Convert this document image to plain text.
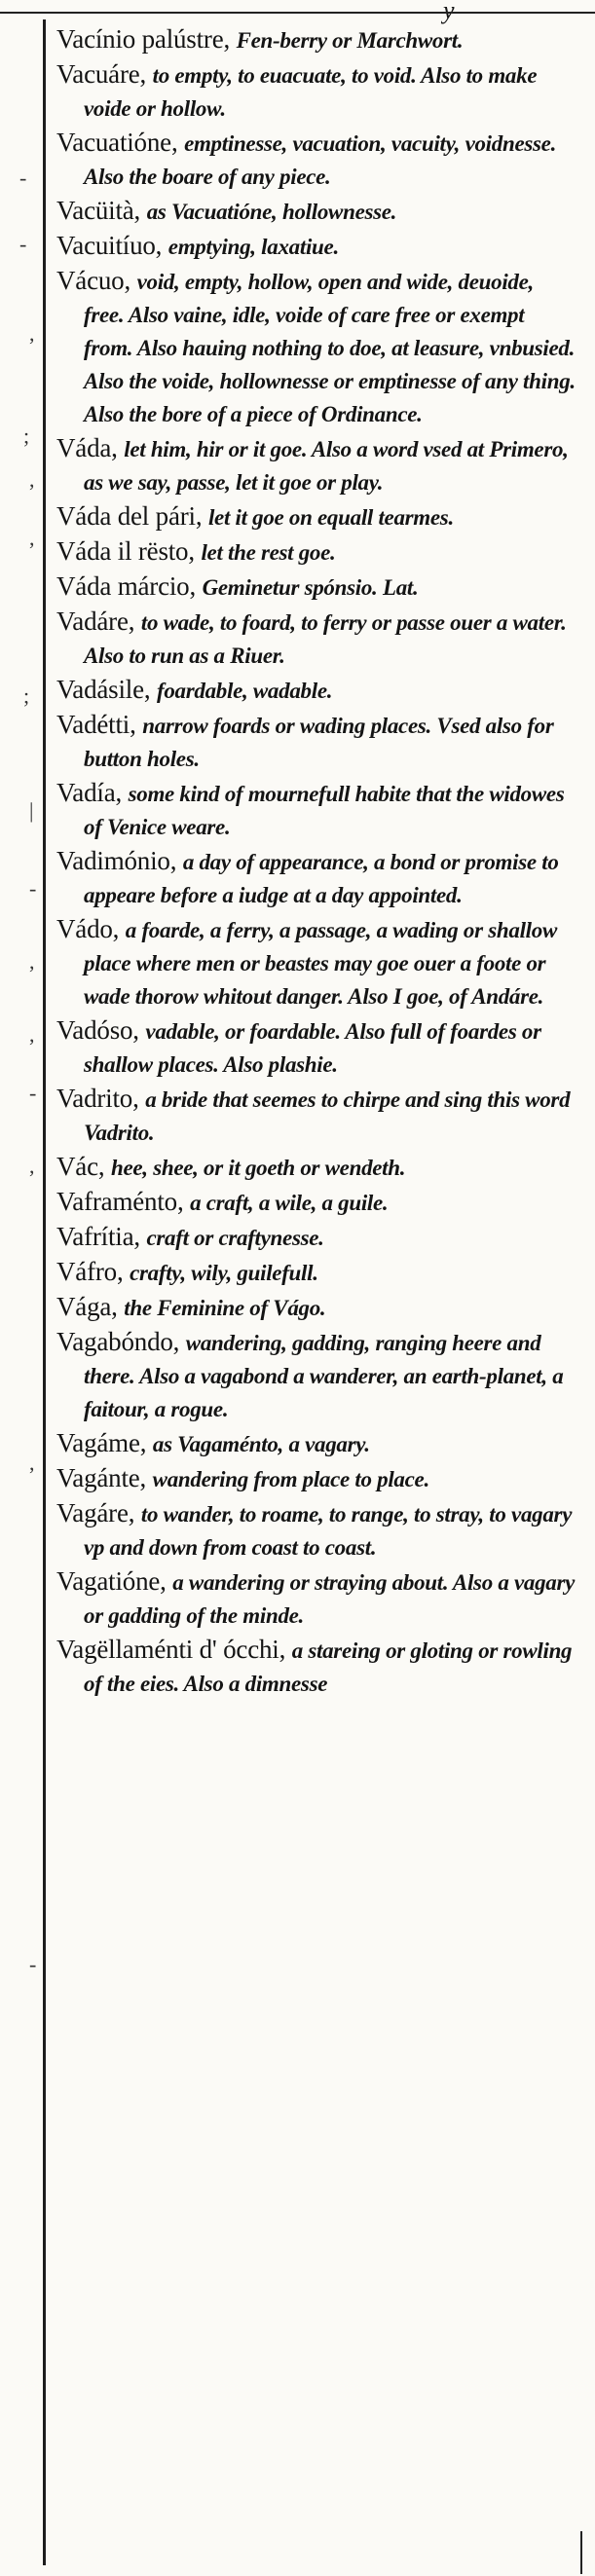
-
-
,
;
,
,
;
|
-
,
,
-
,
,
-

Vacínio palústre, Fen-berry or Marchwort.

Vacuáre, to empty, to euacuate, to void. Also to make voide or hollow.

Vacuatióne, emptinesse, vacuation, vacuity, voidnesse. Also the boare of any piece.

Vacüità, as Vacuatióne, hollownesse.

Vacuitíuo, emptying, laxatiue.

Vácuo, void, empty, hollow, open and wide, deuoide, free. Also vaine, idle, voide of care free or exempt from. Also hauing nothing to doe, at leasure, vnbusied. Also the voide, hollownesse or emptinesse of any thing. Also the bore of a piece of Ordinance.

Váda, let him, hir or it goe. Also a word vsed at Primero, as we say, passe, let it goe or play.

Váda del pári, let it goe on equall tearmes.

Váda il rësto, let the rest goe.

Váda márcio, Geminetur spónsio. Lat.

Vadáre, to wade, to foard, to ferry or passe ouer a water. Also to run as a Riuer.

Vadásile, foardable, wadable.

Vadétti, narrow foards or wading places. Vsed also for button holes.

Vadía, some kind of mournefull habite that the widowes of Venice weare.

Vadimónio, a day of appearance, a bond or promise to appeare before a iudge at a day appointed.

Vádo, a foarde, a ferry, a passage, a wading or shallow place where men or beastes may goe ouer a foote or wade thorow whitout danger. Also I goe, of Andáre.

Vadóso, vadable, or foardable. Also full of foardes or shallow places. Also plashie.

Vadrito, a bride that seemes to chirpe and sing this word Vadrito.

Vác, hee, shee, or it goeth or wendeth.

Vaframénto, a craft, a wile, a guile.

Vafrítia, craft or craftynesse.

Váfro, crafty, wily, guilefull.

Vága, the Feminine of Vágo.

Vagabóndo, wandering, gadding, ranging heere and there. Also a vagabond a wanderer, an earth-planet, a faitour, a rogue.

Vagáme, as Vagaménto, a vagary.

Vagánte, wandering from place to place.

Vagáre, to wander, to roame, to range, to stray, to vagary vp and down from coast to coast.

Vagatióne, a wandering or straying about. Also a vagary or gadding of the minde.

Vagëllaménti d' ócchi, a stareing or gloting or rowling of the eies. Also a dimnesse
